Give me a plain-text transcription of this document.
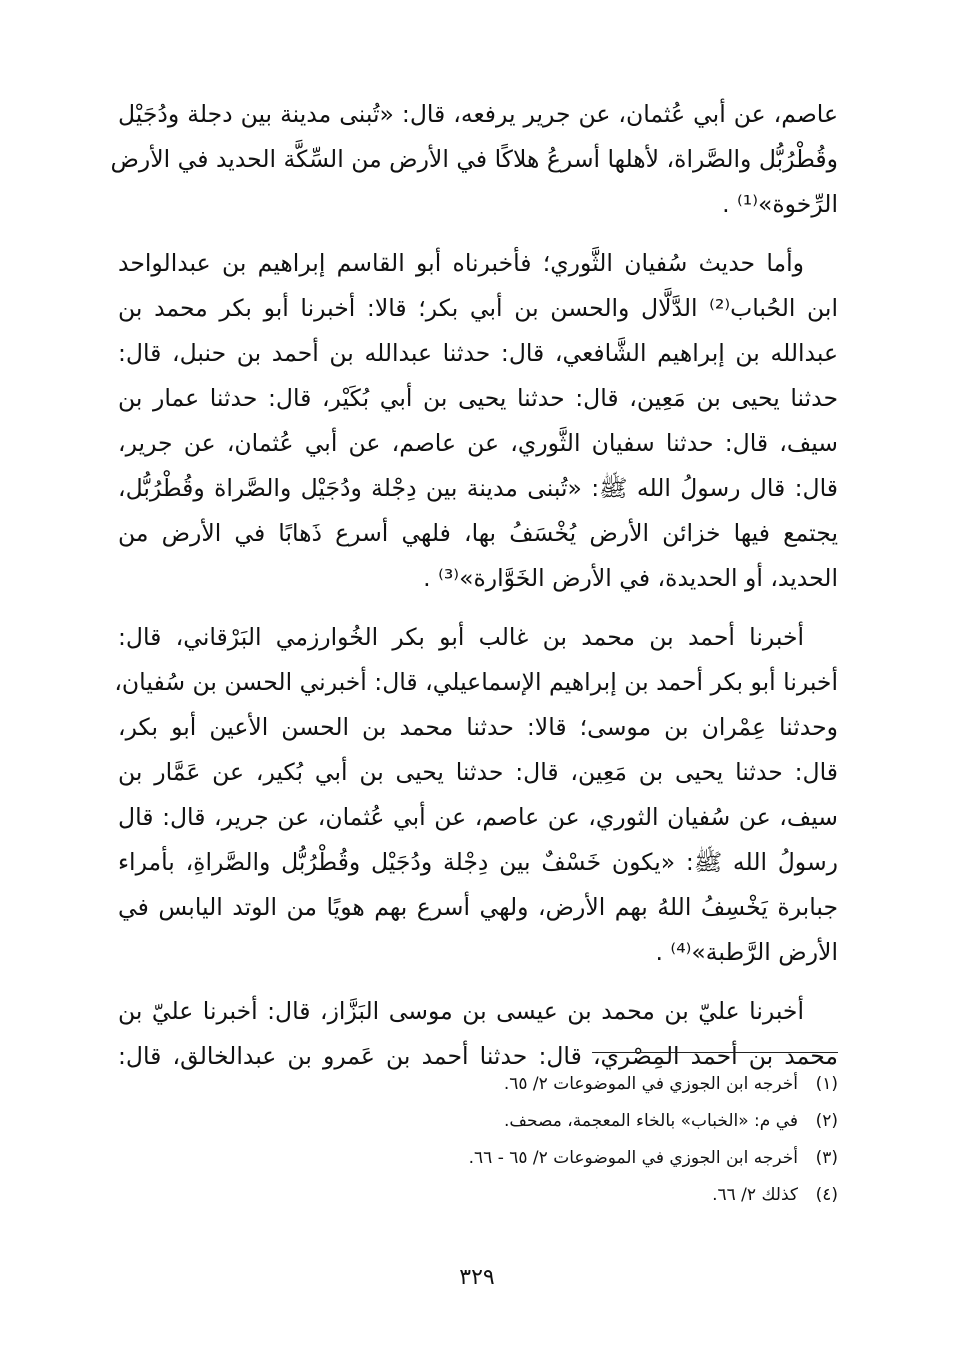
عاصم، عن أبي عُثمان، عن جرير يرفعه، قال: «تُبنى مدينة بين دجلة ودُجَيْل
وقُطْرُبُّل والصَّراة، لأهلها أسرعُ هلاكًا في الأرض من السِّكَّة الحديد في الأرض
الرِّخوة»⁽¹⁾ .

وأما حديث سُفيان الثَّوري؛ فأخبرناه أبو القاسم إبراهيم بن عبدالواحد
ابن الحُباب⁽²⁾ الدَّلَّال والحسن بن أبي بكر؛ قالا: أخبرنا أبو بكر محمد بن
عبدالله بن إبراهيم الشَّافعي، قال: حدثنا عبدالله بن أحمد بن حنبل، قال:
حدثنا يحيى بن مَعِين، قال: حدثنا يحيى بن أبي بُكَيْر، قال: حدثنا عمار بن
سيف، قال: حدثنا سفيان الثَّوري، عن عاصم، عن أبي عُثمان، عن جرير،
قال: قال رسولُ الله ﷺ: «تُبنى مدينة بين دِجْلة ودُجَيْل والصَّراة وقُطْرُبُّل،
يجتمع فيها خزائن الأرض يُخْسَفُ بها، فلهي أسرع ذَهابًا في الأرض من
الحديد، أو الحديدة، في الأرض الخَوَّارة»⁽³⁾ .

أخبرنا أحمد بن محمد بن غالب أبو بكر الخُوارزمي البَرْقاني، قال:
أخبرنا أبو بكر أحمد بن إبراهيم الإسماعيلي، قال: أخبرني الحسن بن سُفيان،
وحدثنا عِمْران بن موسى؛ قالا: حدثنا محمد بن الحسن الأعين أبو بكر،
قال: حدثنا يحيى بن مَعِين، قال: حدثنا يحيى بن أبي بُكير، عن عَمَّار بن
سيف، عن سُفيان الثوري، عن عاصم، عن أبي عُثمان، عن جرير، قال: قال
رسولُ الله ﷺ: «يكون خَسْفٌ بين دِجْلة ودُجَيْل وقُطْرُبُّل والصَّراةِ، بأمراء
جبابرة يَخْسِفُ اللهُ بهم الأرض، ولهي أسرع بهم هويًا من الوتد اليابس في
الأرض الرَّطبة»⁽⁴⁾ .

أخبرنا عليّ بن محمد بن عيسى بن موسى البَزَّاز، قال: أخبرنا عليّ بن
محمد بن أحمد المِصْري، قال: حدثنا أحمد بن عَمرو بن عبدالخالق، قال:

(١)أخرجه ابن الجوزي في الموضوعات ٢/ ٦٥.
(٢)في م: «الخباب» بالخاء المعجمة، مصحف.
(٣)أخرجه ابن الجوزي في الموضوعات ٢/ ٦٥ - ٦٦.
(٤)كذلك ٢/ ٦٦.
٣٢٩
